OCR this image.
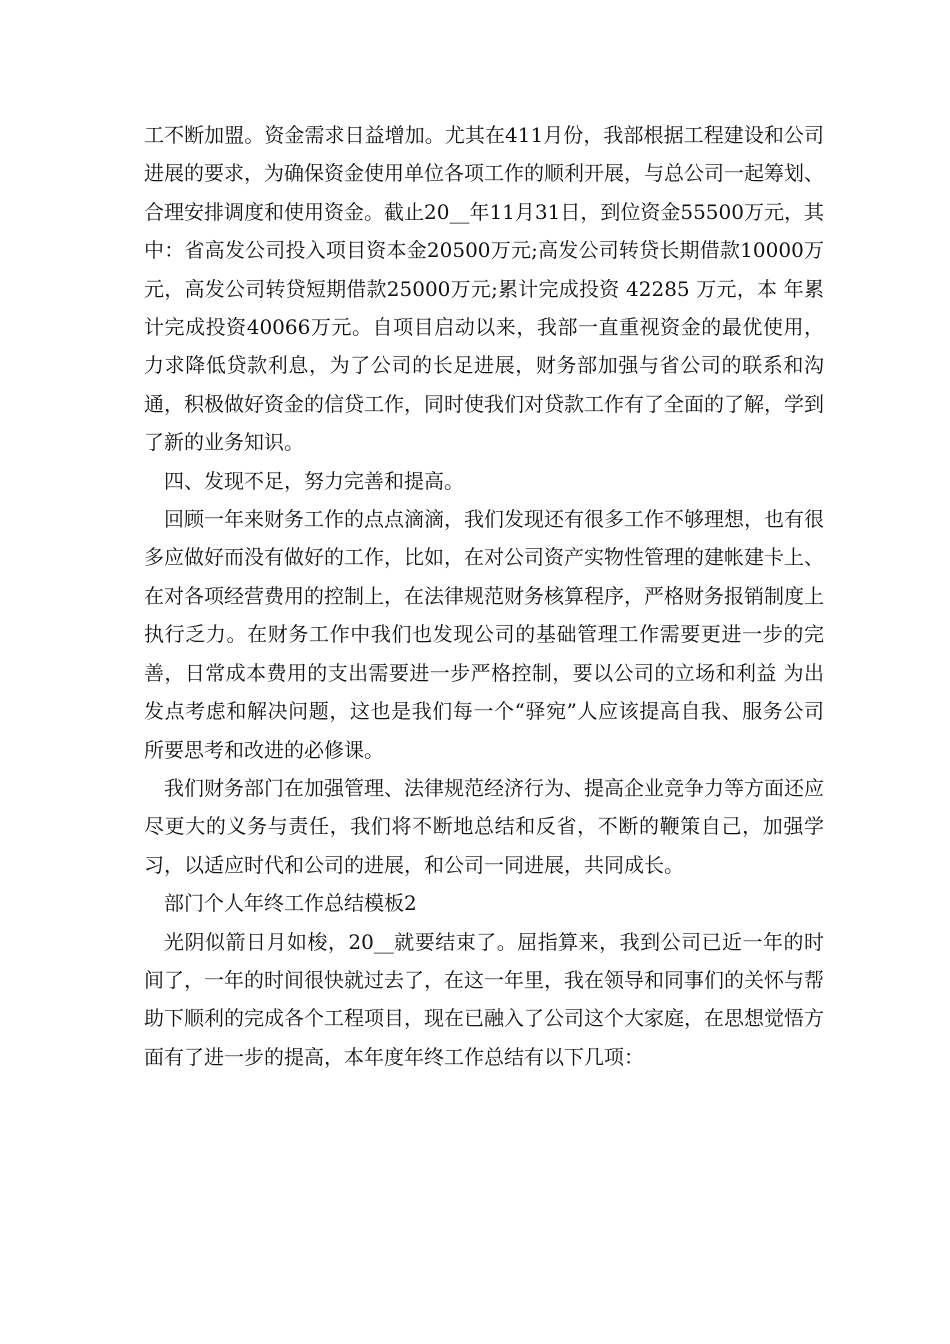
工不断加盟。资金需求日益增加。尤其在411月份，我部根据工程建设和公司进展的要求，为确保资金使用单位各项工作的顺利开展，与总公司一起筹划、合理安排调度和使用资金。截止20__年11月31日，到位资金55500万元，其中：省高发公司投入项目资本金20500万元;高发公司转贷长期借款10000万元，高发公司转贷短期借款25000万元;累计完成投资 42285 万元，本 年累计完成投资40066万元。自项目启动以来，我部一直重视资金的最优使用，力求降低贷款利息，为了公司的长足进展，财务部加强与省公司的联系和沟通，积极做好资金的信贷工作，同时使我们对贷款工作有了全面的了解，学到了新的业务知识。

四、发现不足，努力完善和提高。

回顾一年来财务工作的点点滴滴，我们发现还有很多工作不够理想，也有很多应做好而没有做好的工作，比如，在对公司资产实物性管理的建帐建卡上、在对各项经营费用的控制上，在法律规范财务核算程序，严格财务报销制度上执行乏力。在财务工作中我们也发现公司的基础管理工作需要更进一步的完善，日常成本费用的支出需要进一步严格控制，要以公司的立场和利益 为出发点考虑和解决问题，这也是我们每一个“驿宛”人应该提高自我、服务公司所要思考和改进的必修课。

我们财务部门在加强管理、法律规范经济行为、提高企业竞争力等方面还应尽更大的义务与责任，我们将不断地总结和反省，不断的鞭策自己，加强学习，以适应时代和公司的进展，和公司一同进展，共同成长。

部门个人年终工作总结模板2

光阴似箭日月如梭，20__就要结束了。屈指算来，我到公司已近一年的时间了，一年的时间很快就过去了，在这一年里，我在领导和同事们的关怀与帮助下顺利的完成各个工程项目，现在已融入了公司这个大家庭，在思想觉悟方面有了进一步的提高，本年度年终工作总结有以下几项：
